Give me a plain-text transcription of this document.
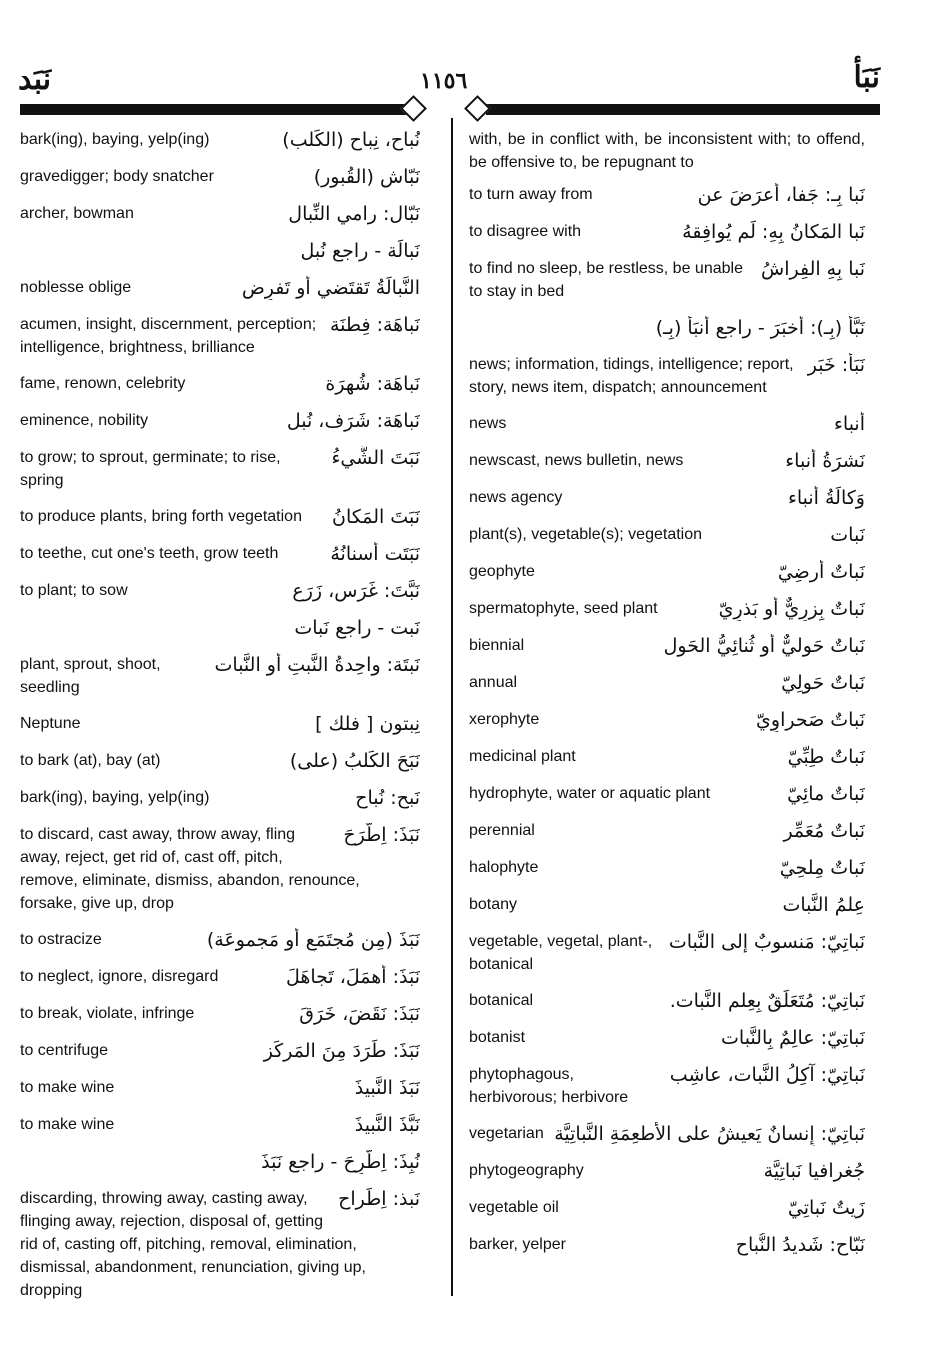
نَبَد	١١٥٦	نَبَأ
نُباح، نِباح (الكَلب)
bark(ing), baying, yelp(ing)
نَبّاش (القُبور)
gravedigger; body snatcher
نَبّال: رامي النِّبال
archer, bowman
نَبالَة - راجع نُبل
النَّبالَةُ تَقتَضي أو تَفرِض
noblesse oblige
نَباهَة: فِطنَة
acumen, insight, discernment, perception; intelligence, brightness, brilliance
نَباهَة: شُهرَة
fame, renown, celebrity
نَباهَة: شَرَف، نُبل
eminence, nobility
نَبَتَ الشَّيءُ
to grow; to sprout, germinate; to rise, spring
نَبَتَ المَكانُ
to produce plants, bring forth vegetation
نَبَتَت أَسنانُهُ
to teethe, cut one's teeth, grow teeth
نَبَّتَ: غَرَس، زَرَع
to plant; to sow
نَبت - راجع نَبات
نَبتَة: واحِدةُ النَّبتِ أو النَّبات
plant, sprout, shoot, seedling
نِبتون [ فلك ]
Neptune
نَبَحَ الكَلبُ (على)
to bark (at), bay (at)
نَبح: نُباح
bark(ing), baying, yelp(ing)
نَبَذَ: اِطَّرَحَ
to discard, cast away, throw away, fling away, reject, get rid of, cast off, pitch, remove, eliminate, dismiss, abandon, renounce, forsake, give up, drop
نَبَذَ (مِن مُجتَمَعٍ أو مَجموعَة)
to ostracize
نَبَذَ: أَهمَلَ، تَجاهَلَ
to neglect, ignore, disregard
نَبَذَ: نَقَضَ، خَرَقَ
to break, violate, infringe
نَبَذَ: طَرَدَ مِنَ المَركَز
to centrifuge
نَبَذَ النَّبيذَ
to make wine
نَبَّذَ النَّبيذَ
to make wine
نُبِذَ: اِطُّرِحَ - راجع نَبَذَ
نَبذ: اِطِّراح
discarding, throwing away, casting away, flinging away, rejection, disposal of, getting rid of, casting off, pitching, removal, elimination, dismissal, abandonment, renunciation, giving up, dropping
with, be in conflict with, be inconsistent with; to offend, be offensive to, be repugnant to
نَبا بِـ: جَفا، أَعرَضَ عن
to turn away from
نَبا المَكانُ بِهِ: لَم يُوافِقهُ
to disagree with
نَبا بِهِ الفِراشُ
to find no sleep, be restless, be unable to stay in bed
نَبَّأَ (بِـ): أَخبَرَ - راجع أَنبَأَ (بِـ)
نَبَأ: خَبَر
news; information, tidings, intelligence; report, story, news item, dispatch; announcement
أَنباء
news
نَشرَةُ أَنباء
newscast, news bulletin, news
وَكالَةُ أَنباء
news agency
نَبات
plant(s), vegetable(s); vegetation
نَباتٌ أَرضِيّ
geophyte
نَباتٌ بِزرِيٌّ أو بَذرِيّ
spermatophyte, seed plant
نَباتٌ حَوليٌّ أو ثُنائِيُّ الحَول
biennial
نَباتٌ حَولِيّ
annual
نَباتٌ صَحراوِيّ
xerophyte
نَباتٌ طِبِّيّ
medicinal plant
نَباتٌ مائِيّ
hydrophyte, water or aquatic plant
نَباتٌ مُعَمِّر
perennial
نَباتٌ مِلحِيّ
halophyte
عِلمُ النَّبات
botany
نَباتِيّ: مَنسوبٌ إلى النَّبات
vegetable, vegetal, plant-, botanical
نَباتِيّ: مُتَعَلِّقٌ بِعِلمِ النَّبات.
botanical
نَباتِيّ: عالِمٌ بِالنَّبات
botanist
نَباتِيّ: آكِلُ النَّبات، عاشِب
phytophagous, herbivorous; herbivore
نَباتِيّ: إِنسانٌ يَعيشُ على الأَطعِمَةِ النَّباتِيَّة
vegetarian
جُغرافيا نَباتِيَّة
phytogeography
زَيتٌ نَباتِيّ
vegetable oil
نَبّاح: شَديدُ النُّباح
barker, yelper
